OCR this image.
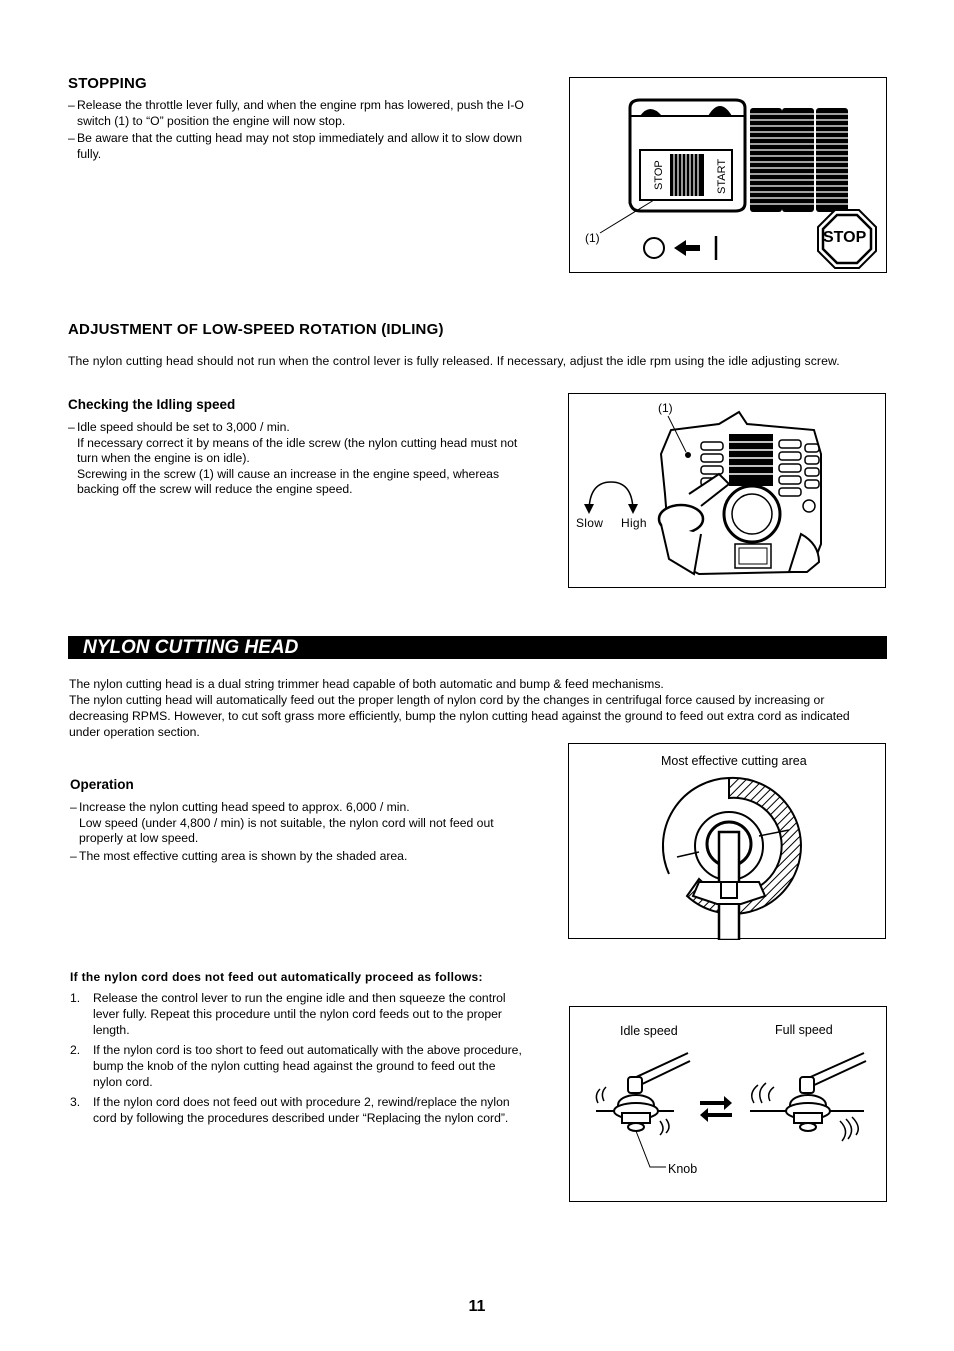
STOPPING
– Release the throttle lever fully, and when the engine rpm has lowered, push the I-O switch (1) to “O” position the engine will now stop.
– Be aware that the cutting head may not stop immediately and allow it to slow down fully.
STOP	START
(1)	STOP
ADJUSTMENT OF LOW-SPEED ROTATION (IDLING)
The nylon cutting head should not run when the control lever is fully released. If necessary, adjust the idle rpm using the idle adjusting screw.
Checking the Idling speed
– Idle speed should be set to 3,000 / min.
If necessary correct it by means of the idle screw (the nylon cutting head must not turn when the engine is on idle).
Screwing in the screw (1) will cause an increase in the engine speed, whereas backing off the screw will reduce the engine speed.
(1)
Slow High
NYLON CUTTING HEAD
The nylon cutting head is a dual string trimmer head capable of both automatic and bump & feed mechanisms.
The nylon cutting head will automatically feed out the proper length of nylon cord by the changes in centrifugal force caused by increasing or decreasing RPMS. However, to cut soft grass more efficiently, bump the nylon cutting head against the ground to feed out extra cord as indicated under operation section.
Operation
– Increase the nylon cutting head speed to approx. 6,000 / min.
Low speed (under 4,800 / min) is not suitable, the nylon cord will not feed out properly at low speed.
– The most effective cutting area is shown by the shaded area.
Most effective cutting area
If the nylon cord does not feed out automatically proceed as follows:
1. Release the control lever to run the engine idle and then squeeze the control lever fully. Repeat this procedure until the nylon cord feeds out to the proper length.
2. If the nylon cord is too short to feed out automatically with the above procedure, bump the knob of the nylon cutting head against the ground to feed out the nylon cord.
3. If the nylon cord does not feed out with procedure 2, rewind/replace the nylon cord by following the procedures described under “Replacing the nylon cord”.
Idle speed	Full speed
Knob
11
